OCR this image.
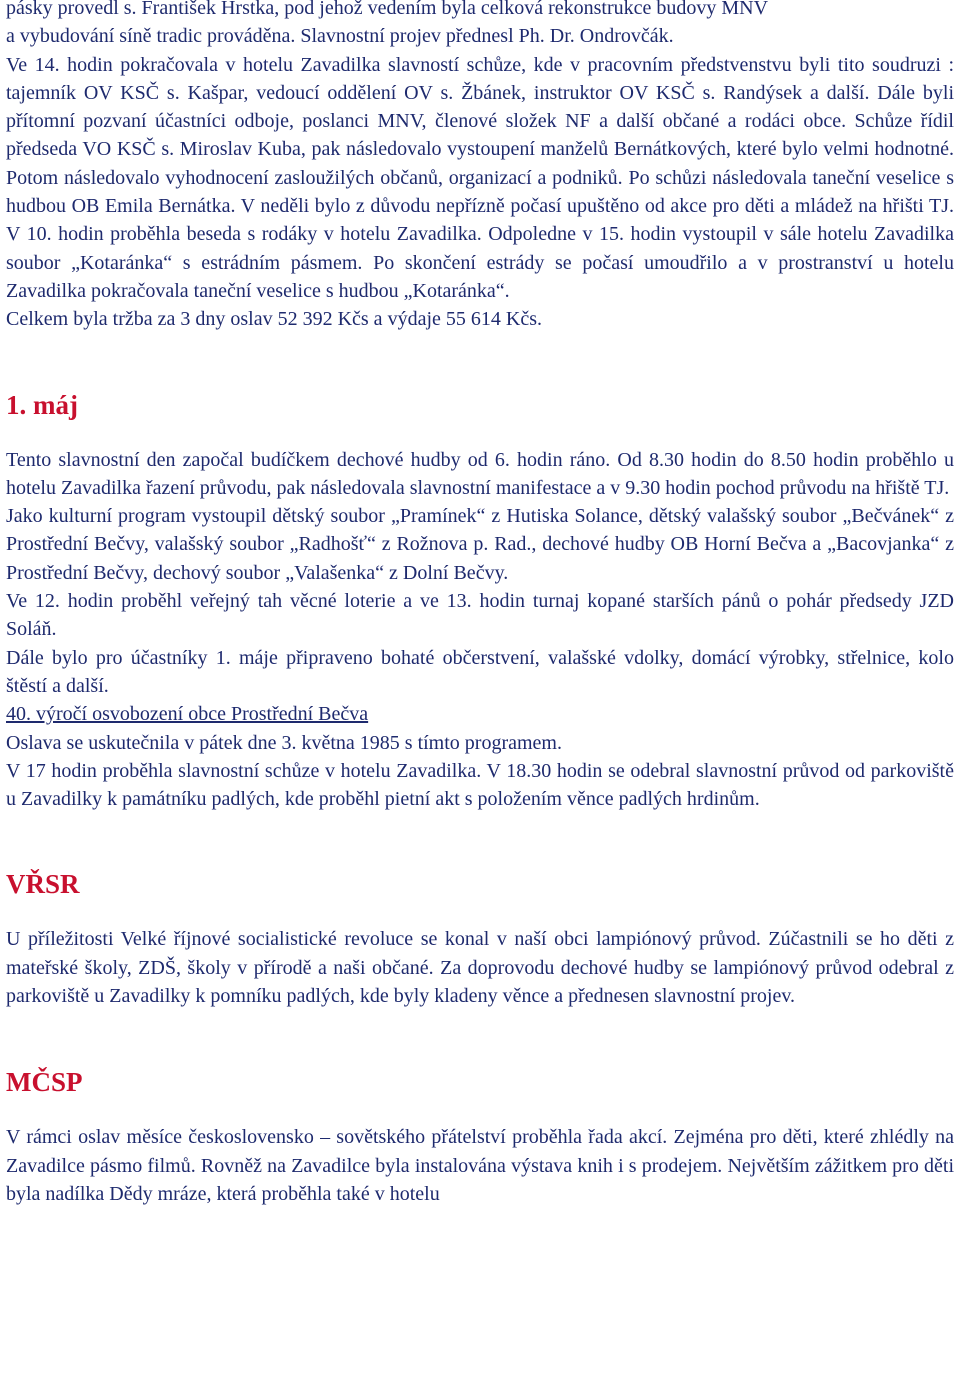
pásky provedl s. František Hrstka, pod jehož vedením byla celková rekonstrukce budovy MNV

a vybudování síně tradic prováděna. Slavnostní projev přednesl Ph. Dr. Ondrovčák.

Ve 14. hodin pokračovala v hotelu Zavadilka slavností schůze, kde v pracovním předstvenstvu byli tito soudruzi : tajemník OV KSČ s. Kašpar, vedoucí oddělení OV s. Žbánek, instruktor OV KSČ s. Randýsek a další. Dále byli přítomní pozvaní účastníci odboje, poslanci MNV, členové složek NF a další občané a rodáci obce. Schůze řídil předseda VO KSČ s. Miroslav Kuba, pak následovalo vystoupení manželů Bernátkových, které bylo velmi hodnotné. Potom následovalo vyhodnocení zasloužilých občanů, organizací a podniků. Po schůzi následovala taneční veselice s hudbou OB Emila Bernátka. V neděli bylo z důvodu nepřízně počasí upuštěno od akce pro děti a mládež na hřišti TJ. V 10. hodin proběhla beseda s rodáky v hotelu Zavadilka. Odpoledne v 15. hodin vystoupil v sále hotelu Zavadilka soubor „Kotaránka“ s estrádním pásmem. Po skončení estrády se počasí umoudřilo a v prostranství u hotelu Zavadilka pokračovala taneční veselice s hudbou „Kotaránka“.

Celkem byla tržba za 3 dny oslav 52 392 Kčs a výdaje 55 614 Kčs.

1. máj

Tento slavnostní den započal budíčkem dechové hudby od 6. hodin ráno. Od 8.30 hodin do 8.50 hodin proběhlo u hotelu Zavadilka řazení průvodu, pak následovala slavnostní manifestace a v 9.30 hodin pochod průvodu na hřiště TJ.

Jako kulturní program vystoupil dětský soubor „Pramínek“ z Hutiska Solance, dětský valašský soubor „Bečvánek“ z Prostřední Bečvy, valašský soubor „Radhošť“ z Rožnova p. Rad., dechové hudby OB Horní Bečva a „Bacovjanka“ z Prostřední Bečvy, dechový soubor „Valašenka“ z Dolní Bečvy.

Ve 12. hodin proběhl veřejný tah věcné loterie a ve 13. hodin turnaj kopané starších pánů o pohár předsedy JZD Soláň.

Dále bylo pro účastníky 1. máje připraveno bohaté občerstvení, valašské vdolky, domácí výrobky, střelnice, kolo štěstí a další.

40. výročí osvobození obce Prostřední Bečva

Oslava se uskutečnila v pátek dne 3. května 1985 s tímto programem.

V 17 hodin proběhla slavnostní schůze v hotelu Zavadilka. V 18.30 hodin se odebral slavnostní průvod od parkoviště u Zavadilky k památníku padlých, kde proběhl pietní akt s položením věnce padlých hrdinům.

VŘSR

U příležitosti Velké říjnové socialistické revoluce se konal v naší obci lampiónový průvod. Zúčastnili se ho děti z mateřské školy, ZDŠ, školy v přírodě a naši občané. Za doprovodu dechové hudby se lampiónový průvod odebral z parkoviště u Zavadilky k pomníku padlých, kde byly kladeny věnce a přednesen slavnostní projev.

MČSP

V rámci oslav měsíce československo – sovětského přátelství proběhla řada akcí. Zejména pro děti, které zhlédly na Zavadilce pásmo filmů. Rovněž na Zavadilce byla instalována výstava knih i s prodejem. Největším zážitkem pro děti byla nadílka Dědy mráze, která proběhla také v hotelu
